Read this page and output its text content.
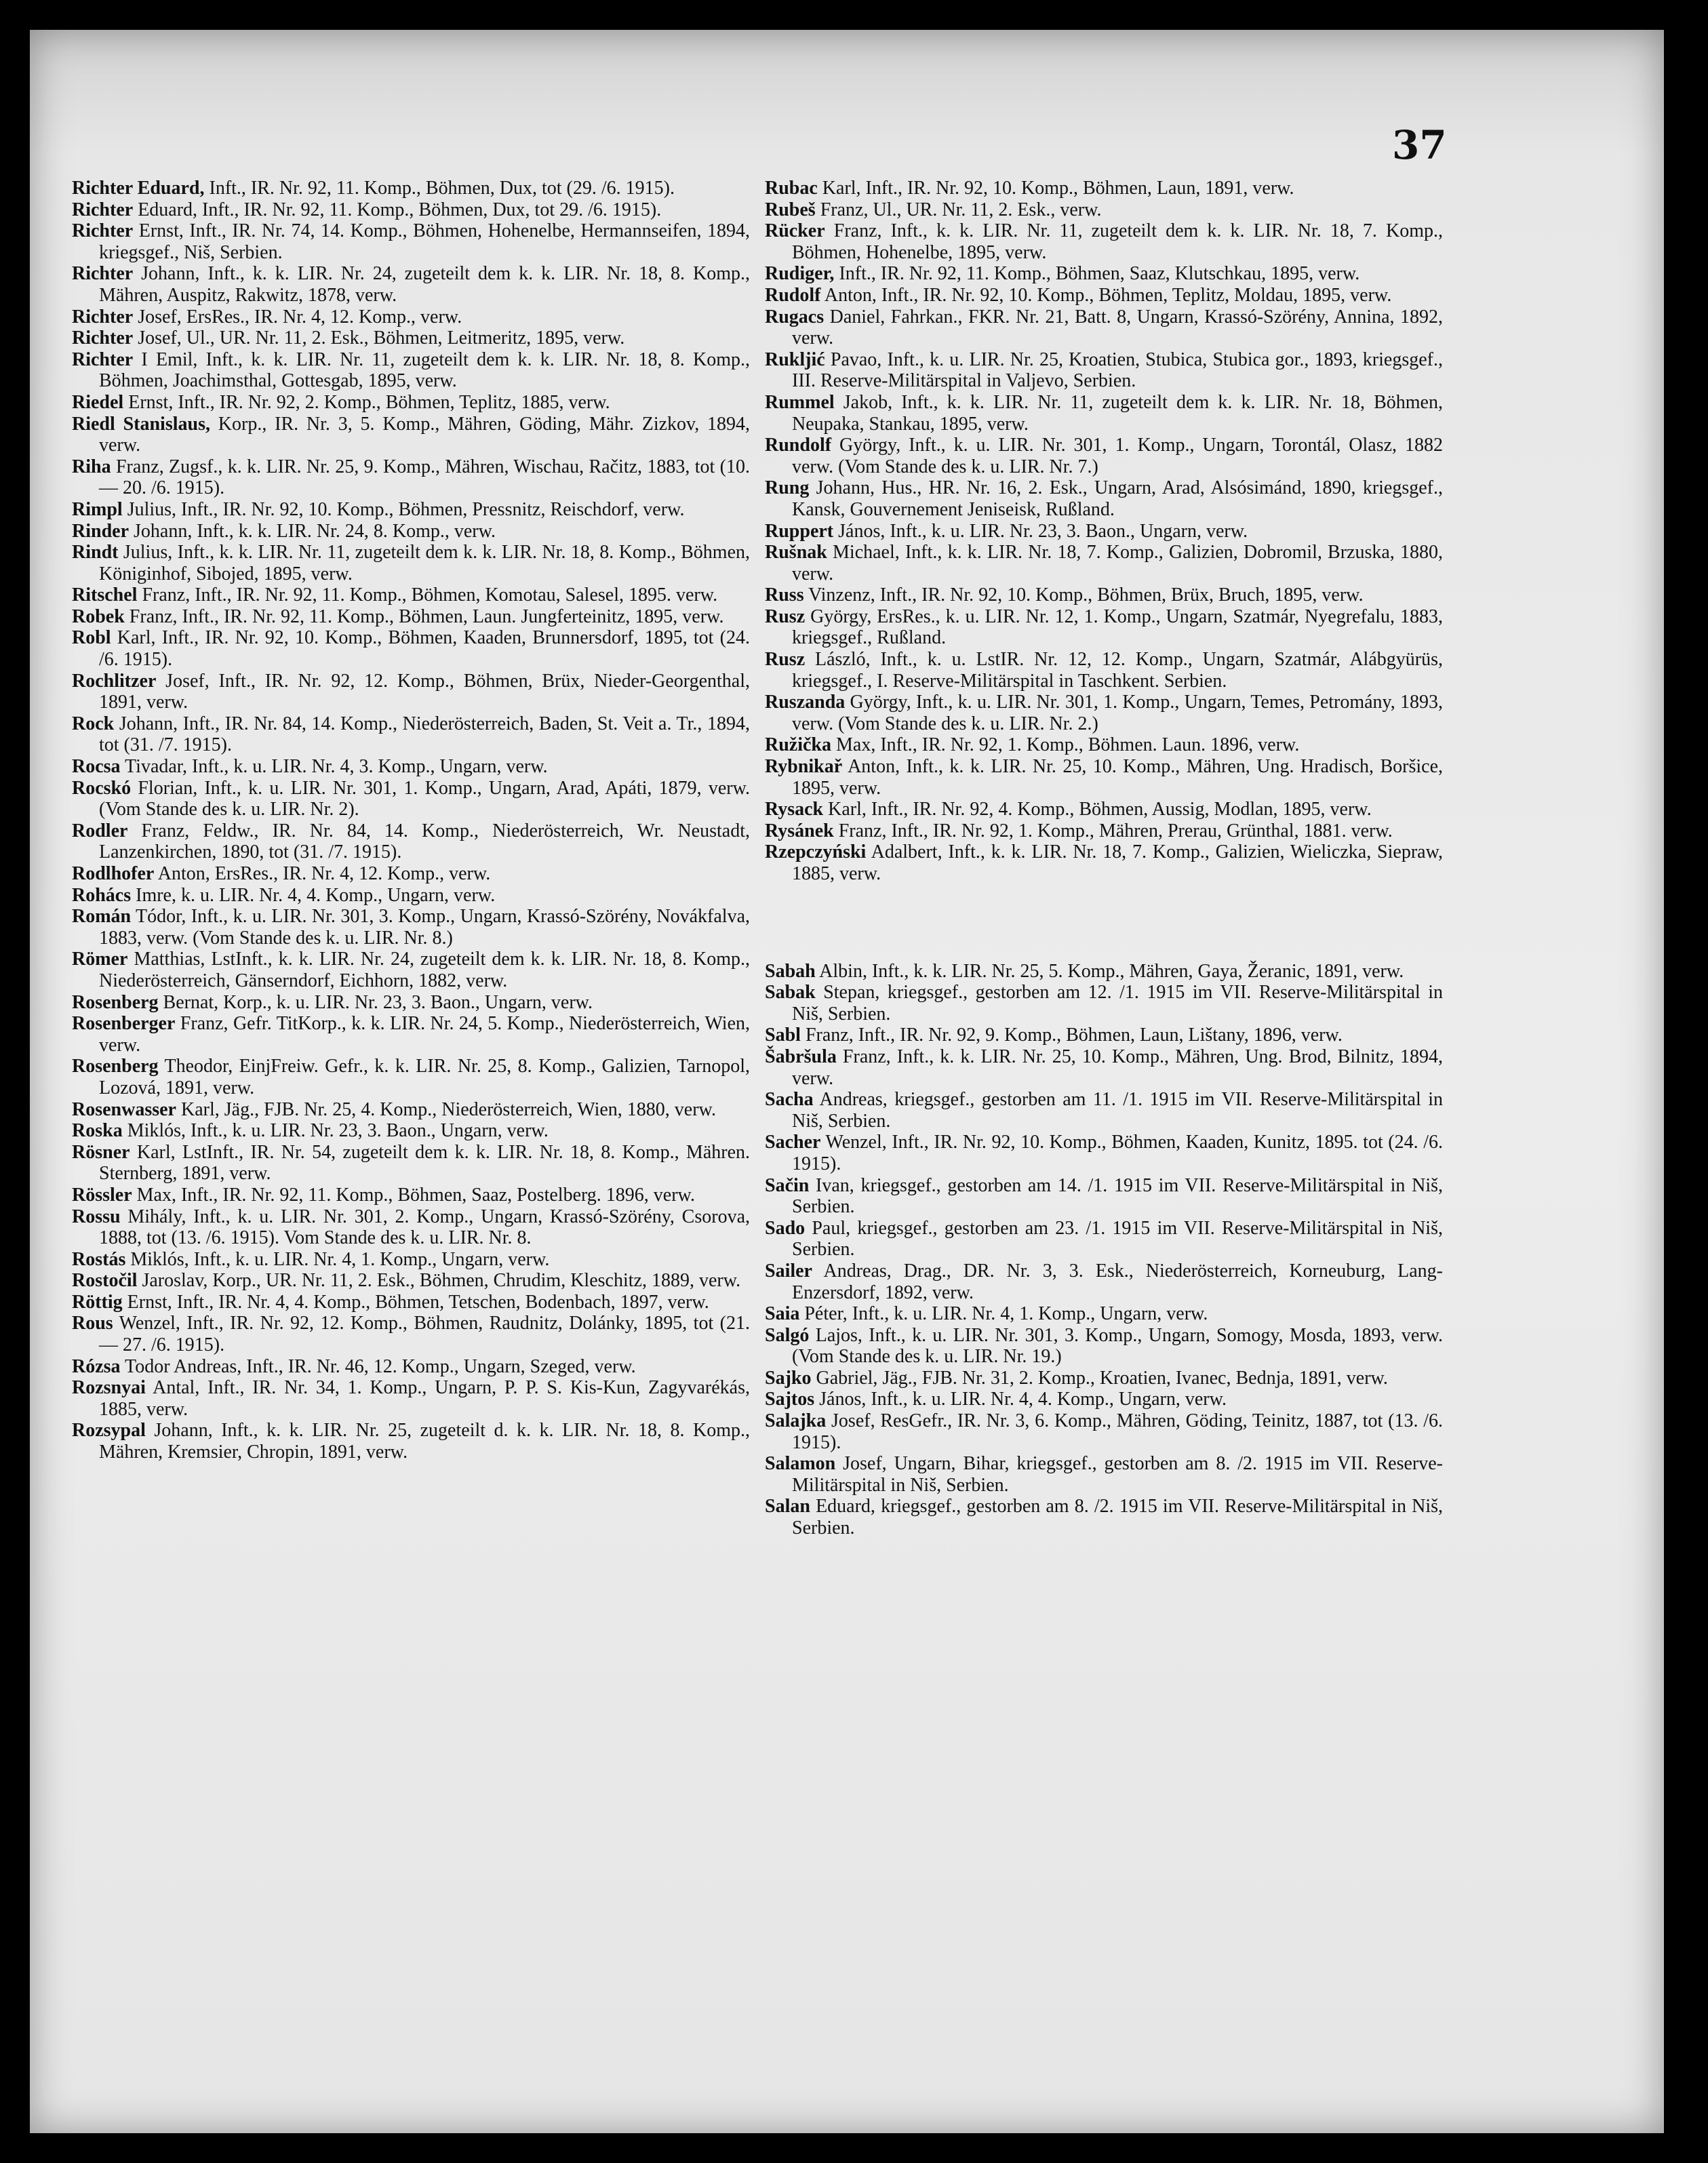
37

Richter Eduard, Inft., IR. Nr. 92, 11. Komp., Böhmen, Dux, tot (29. /6. 1915).

Richter Eduard, Inft., IR. Nr. 92, 11. Komp., Böhmen, Dux, tot 29. /6. 1915).

Richter Ernst, Inft., IR. Nr. 74, 14. Komp., Böhmen, Hohenelbe, Hermannseifen, 1894, kriegsgef., Niš, Serbien.

Richter Johann, Inft., k. k. LIR. Nr. 24, zugeteilt dem k. k. LIR. Nr. 18, 8. Komp., Mähren, Auspitz, Rakwitz, 1878, verw.

Richter Josef, ErsRes., IR. Nr. 4, 12. Komp., verw.

Richter Josef, Ul., UR. Nr. 11, 2. Esk., Böhmen, Leitmeritz, 1895, verw.

Richter I Emil, Inft., k. k. LIR. Nr. 11, zugeteilt dem k. k. LIR. Nr. 18, 8. Komp., Böhmen, Joachimsthal, Gottesgab, 1895, verw.

Riedel Ernst, Inft., IR. Nr. 92, 2. Komp., Böhmen, Teplitz, 1885, verw.

Riedl Stanislaus, Korp., IR. Nr. 3, 5. Komp., Mähren, Göding, Mähr. Zizkov, 1894, verw.

Riha Franz, Zugsf., k. k. LIR. Nr. 25, 9. Komp., Mähren, Wischau, Račitz, 1883, tot (10. — 20. /6. 1915).

Rimpl Julius, Inft., IR. Nr. 92, 10. Komp., Böhmen, Pressnitz, Reischdorf, verw.

Rinder Johann, Inft., k. k. LIR. Nr. 24, 8. Komp., verw.

Rindt Julius, Inft., k. k. LIR. Nr. 11, zugeteilt dem k. k. LIR. Nr. 18, 8. Komp., Böhmen, Königinhof, Sibojed, 1895, verw.

Ritschel Franz, Inft., IR. Nr. 92, 11. Komp., Böhmen, Komotau, Salesel, 1895. verw.

Robek Franz, Inft., IR. Nr. 92, 11. Komp., Böhmen, Laun. Jungferteinitz, 1895, verw.

Robl Karl, Inft., IR. Nr. 92, 10. Komp., Böhmen, Kaaden, Brunnersdorf, 1895, tot (24. /6. 1915).

Rochlitzer Josef, Inft., IR. Nr. 92, 12. Komp., Böhmen, Brüx, Nieder-Georgenthal, 1891, verw.

Rock Johann, Inft., IR. Nr. 84, 14. Komp., Niederösterreich, Baden, St. Veit a. Tr., 1894, tot (31. /7. 1915).

Rocsa Tivadar, Inft., k. u. LIR. Nr. 4, 3. Komp., Ungarn, verw.

Rocskó Florian, Inft., k. u. LIR. Nr. 301, 1. Komp., Ungarn, Arad, Apáti, 1879, verw. (Vom Stande des k. u. LIR. Nr. 2).

Rodler Franz, Feldw., IR. Nr. 84, 14. Komp., Niederösterreich, Wr. Neustadt, Lanzenkirchen, 1890, tot (31. /7. 1915).

Rodlhofer Anton, ErsRes., IR. Nr. 4, 12. Komp., verw.

Rohács Imre, k. u. LIR. Nr. 4, 4. Komp., Ungarn, verw.

Román Tódor, Inft., k. u. LIR. Nr. 301, 3. Komp., Ungarn, Krassó-Szörény, Novákfalva, 1883, verw. (Vom Stande des k. u. LIR. Nr. 8.)

Römer Matthias, LstInft., k. k. LIR. Nr. 24, zugeteilt dem k. k. LIR. Nr. 18, 8. Komp., Niederösterreich, Gänserndorf, Eichhorn, 1882, verw.

Rosenberg Bernat, Korp., k. u. LIR. Nr. 23, 3. Baon., Ungarn, verw.

Rosenberger Franz, Gefr. TitKorp., k. k. LIR. Nr. 24, 5. Komp., Niederösterreich, Wien, verw.

Rosenberg Theodor, EinjFreiw. Gefr., k. k. LIR. Nr. 25, 8. Komp., Galizien, Tarnopol, Lozová, 1891, verw.

Rosenwasser Karl, Jäg., FJB. Nr. 25, 4. Komp., Niederösterreich, Wien, 1880, verw.

Roska Miklós, Inft., k. u. LIR. Nr. 23, 3. Baon., Ungarn, verw.

Rösner Karl, LstInft., IR. Nr. 54, zugeteilt dem k. k. LIR. Nr. 18, 8. Komp., Mähren. Sternberg, 1891, verw.

Rössler Max, Inft., IR. Nr. 92, 11. Komp., Böhmen, Saaz, Postelberg. 1896, verw.

Rossu Mihály, Inft., k. u. LIR. Nr. 301, 2. Komp., Ungarn, Krassó-Szörény, Csorova, 1888, tot (13. /6. 1915). Vom Stande des k. u. LIR. Nr. 8.

Rostás Miklós, Inft., k. u. LIR. Nr. 4, 1. Komp., Ungarn, verw.

Rostočil Jaroslav, Korp., UR. Nr. 11, 2. Esk., Böhmen, Chrudim, Kleschitz, 1889, verw.

Röttig Ernst, Inft., IR. Nr. 4, 4. Komp., Böhmen, Tetschen, Bodenbach, 1897, verw.

Rous Wenzel, Inft., IR. Nr. 92, 12. Komp., Böhmen, Raudnitz, Dolánky, 1895, tot (21. — 27. /6. 1915).

Rózsa Todor Andreas, Inft., IR. Nr. 46, 12. Komp., Ungarn, Szeged, verw.

Rozsnyai Antal, Inft., IR. Nr. 34, 1. Komp., Ungarn, P. P. S. Kis-Kun, Zagyvarékás, 1885, verw.

Rozsypal Johann, Inft., k. k. LIR. Nr. 25, zugeteilt d. k. k. LIR. Nr. 18, 8. Komp., Mähren, Kremsier, Chropin, 1891, verw.

Rubac Karl, Inft., IR. Nr. 92, 10. Komp., Böhmen, Laun, 1891, verw.

Rubeš Franz, Ul., UR. Nr. 11, 2. Esk., verw.

Rücker Franz, Inft., k. k. LIR. Nr. 11, zugeteilt dem k. k. LIR. Nr. 18, 7. Komp., Böhmen, Hohenelbe, 1895, verw.

Rudiger, Inft., IR. Nr. 92, 11. Komp., Böhmen, Saaz, Klutschkau, 1895, verw.

Rudolf Anton, Inft., IR. Nr. 92, 10. Komp., Böhmen, Teplitz, Moldau, 1895, verw.

Rugacs Daniel, Fahrkan., FKR. Nr. 21, Batt. 8, Ungarn, Krassó-Szörény, Annina, 1892, verw.

Rukljić Pavao, Inft., k. u. LIR. Nr. 25, Kroatien, Stubica, Stubica gor., 1893, kriegsgef., III. Reserve-Militärspital in Valjevo, Serbien.

Rummel Jakob, Inft., k. k. LIR. Nr. 11, zugeteilt dem k. k. LIR. Nr. 18, Böhmen, Neupaka, Stankau, 1895, verw.

Rundolf György, Inft., k. u. LIR. Nr. 301, 1. Komp., Ungarn, Torontál, Olasz, 1882 verw. (Vom Stande des k. u. LIR. Nr. 7.)

Rung Johann, Hus., HR. Nr. 16, 2. Esk., Ungarn, Arad, Alsósimánd, 1890, kriegsgef., Kansk, Gouvernement Jeniseisk, Rußland.

Ruppert János, Inft., k. u. LIR. Nr. 23, 3. Baon., Ungarn, verw.

Rušnak Michael, Inft., k. k. LIR. Nr. 18, 7. Komp., Galizien, Dobromil, Brzuska, 1880, verw.

Russ Vinzenz, Inft., IR. Nr. 92, 10. Komp., Böhmen, Brüx, Bruch, 1895, verw.

Rusz György, ErsRes., k. u. LIR. Nr. 12, 1. Komp., Ungarn, Szatmár, Nyegrefalu, 1883, kriegsgef., Rußland.

Rusz László, Inft., k. u. LstIR. Nr. 12, 12. Komp., Ungarn, Szatmár, Alábgyürüs, kriegsgef., I. Reserve-Militärspital in Taschkent. Serbien.

Ruszanda György, Inft., k. u. LIR. Nr. 301, 1. Komp., Ungarn, Temes, Petromány, 1893, verw. (Vom Stande des k. u. LIR. Nr. 2.)

Ružička Max, Inft., IR. Nr. 92, 1. Komp., Böhmen. Laun. 1896, verw.

Rybnikař Anton, Inft., k. k. LIR. Nr. 25, 10. Komp., Mähren, Ung. Hradisch, Boršice, 1895, verw.

Rysack Karl, Inft., IR. Nr. 92, 4. Komp., Böhmen, Aussig, Modlan, 1895, verw.

Rysánek Franz, Inft., IR. Nr. 92, 1. Komp., Mähren, Prerau, Grünthal, 1881. verw.

Rzepczyński Adalbert, Inft., k. k. LIR. Nr. 18, 7. Komp., Galizien, Wieliczka, Siepraw, 1885, verw.

Sabah Albin, Inft., k. k. LIR. Nr. 25, 5. Komp., Mähren, Gaya, Žeranic, 1891, verw.

Sabak Stepan, kriegsgef., gestorben am 12. /1. 1915 im VII. Reserve-Militärspital in Niš, Serbien.

Sabl Franz, Inft., IR. Nr. 92, 9. Komp., Böhmen, Laun, Lištany, 1896, verw.

Šabršula Franz, Inft., k. k. LIR. Nr. 25, 10. Komp., Mähren, Ung. Brod, Bilnitz, 1894, verw.

Sacha Andreas, kriegsgef., gestorben am 11. /1. 1915 im VII. Reserve-Militärspital in Niš, Serbien.

Sacher Wenzel, Inft., IR. Nr. 92, 10. Komp., Böhmen, Kaaden, Kunitz, 1895. tot (24. /6. 1915).

Sačin Ivan, kriegsgef., gestorben am 14. /1. 1915 im VII. Reserve-Militärspital in Niš, Serbien.

Sado Paul, kriegsgef., gestorben am 23. /1. 1915 im VII. Reserve-Militärspital in Niš, Serbien.

Sailer Andreas, Drag., DR. Nr. 3, 3. Esk., Niederösterreich, Korneuburg, Lang-Enzersdorf, 1892, verw.

Saia Péter, Inft., k. u. LIR. Nr. 4, 1. Komp., Ungarn, verw.

Salgó Lajos, Inft., k. u. LIR. Nr. 301, 3. Komp., Ungarn, Somogy, Mosda, 1893, verw. (Vom Stande des k. u. LIR. Nr. 19.)

Sajko Gabriel, Jäg., FJB. Nr. 31, 2. Komp., Kroatien, Ivanec, Bednja, 1891, verw.

Sajtos János, Inft., k. u. LIR. Nr. 4, 4. Komp., Ungarn, verw.

Salajka Josef, ResGefr., IR. Nr. 3, 6. Komp., Mähren, Göding, Teinitz, 1887, tot (13. /6. 1915).

Salamon Josef, Ungarn, Bihar, kriegsgef., gestorben am 8. /2. 1915 im VII. Reserve-Militärspital in Niš, Serbien.

Salan Eduard, kriegsgef., gestorben am 8. /2. 1915 im VII. Reserve-Militärspital in Niš, Serbien.
